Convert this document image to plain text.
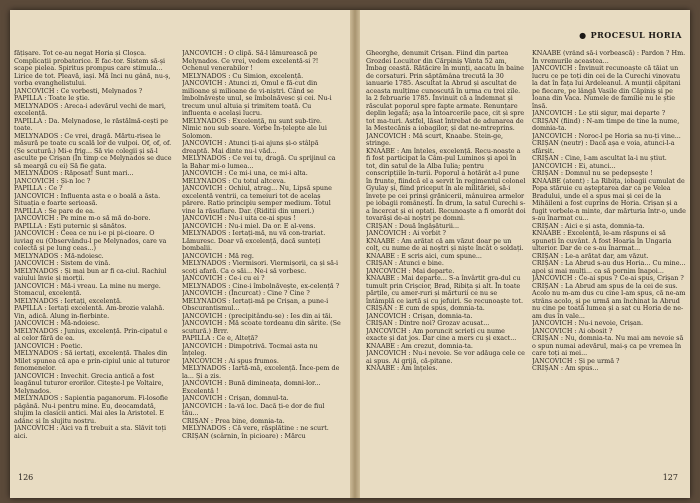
fățișare. Tot ce-au negat Horia și Cloșca. Complicații probatorice. E fac-tor. Sistem să-și scape pielea. Spiritus prompus care stimula...

Lirice de tot. Pleavă, iași. Mă înci nu gână, nu-ș, vorba evanghelistului.

JANCOVICH : Ce vorbesti, Melynados ?

PAPILLA : Toate le știe.

MELYNADOS : Areca-i adevărul vechi de mari, excelență.

PAPILLA : Da. Melynadose, le răstălmă-cești pe toate.

MELYNADOS : Ce vrei, dragă. Mărtu-risea le măsură pe toate cu scală lor de vulpoi. Of, of, of. (Se scutură.) Mi-e frig... Să vie colegii și să-l asculte pe Crișan (În timp ce Melynados se duce să meargă cu ei) Să fie gata.

MELYNADOS : Răposat! Sunt mari...

JANCOVICH : Și-n loc ?

PAPILLA : Ce ?

JANCOVICH : Influenta asta e o boală a ăsta. Situația e foarte serioasă.

PAPILLA : Se pare de ea.

JANCOVICH : Pe mine m-o să mă do-bore.

PAPILLA : Ești puternic și sănătos.

JANCOVICH : Ceea ce nu i-e pi pi-cioare. O iuviag eu (Observându-l pe Melynados, care va colectă și pe lung ceas...)

MELYNADOS : Mă-ndoiesc.

JANCOVICH : Sistem de vină.

MELYNADOS : Și mai bun ar fi ca-ciul. Rachiul vaiului învie și morții.

JANCOVICH : Mă-i vreau. La mine nu merge. Stomacul, excelență.

MELYNADOS : Iertați, excelență.

PAPILLA : Iertați excelentă. Am-brozie valahă. Vin, adică. Alung in-fierbinte.

JANCOVICH : Mă-ndoiesc.

MELYNADOS : Junius, excelență. Prin-cipatul e al celor fără de ea.

JANCOVICH : Poetic.

MELYNADOS : Să iertați, excelență. Thales din Milet spunea că apa e prin-cipiul unic al tuturor fenomenelor.

JANCOVICH : Invechit. Grecia antică a fost leagănul tuturor erorilor. Citește-l pe Voltaire, Melynados.

MELYNADOS : Sapientia paganorum. Fi-losofie păgână. Nu-i pentru mine. Eu, deocamdată, slujim la clasicii antici. Mai ales la Aristotel. E adânc și în slujitu nostru.

JANCOVICH : Aici va fi trebuit a sta. Slăvit toți aici.

JANCOVICH : O clipă. Să-l lămurească pe Melynados. Ce vrei, vedem excelentă-si ?! Ochenul venerabilor !

MELYNADOS : Cu Simion, excelență.

JANCOVICH : Atunci zi, Omul e fă-cut din milioane și milioane de vi-niștri. Când se îmbolnăvește unul, se îmbolnăvesc și cei. Nu-i trecum unul altuia și trimitem toată. Cu influenta e același lucru.

MELYNADOS : Excelență, nu sunt sub-tire. Nimic nou sub soare. Vorbe În-țelepte ale lui Solomon.

JANCOVICH : Atunci ți-ai ajuns și-o stâlpă dreaptă. Mai dinte nu-i văd...

MELYNADOS : Ce vei tu, dragă. Cu sprijinul ca la Bahar mi-o lumea...

JANCOVICH : Ce mi-i una, ce mi-i alta.

MELYNADOS : Cu totul altceva.

JANCOVICH : Ochiul, atrag... Nu, Lipsă spune excelentă ventrii, ca temeiuri tot de acelaș părere. Ratio principiu semper medium. Totul vine la răsuflare. Dar. (Riditii din umeri.)

JANCOVICH : Nu-i uita ce-ai spus !

JANCOVICH : Nu-i miel. Da or. E al-vens.

MELYNADOS : Iertați-mă, nu vă con-trariat. Lămuresc. Doar vă excelență, dacă sunteți bombalii.

JANCOVICH : Mă reg.

MELYNADOS : Viermisori. Viermișorii, ca și să-i scoți afară. Ca o săi... Ne-i să vorbesc.

JANCOVICH : Ce-i cu ei ?

MELYNADOS : Cine-i îmbolnăvește, ex-celență ?

JANCOVICH : (Încurcat) : Cine ? Cine ?

MELYNADOS : Iertați-mă pe Crișan, a pune-i Obscurantismul...

JANCOVICH : (precipitându-se) : Ies din ai tăi.

JANCOVICH : Mă scoate tordeanu din sârite. (Se scutură.) Brrr.

PAPILLA : Ce e, Alteță?

JANCOVICH : Dimpotrivă. Tocmai asta nu înțeleg.

JANCOVICH : Ai spus frumos.

MELYNADOS : Iartă-mă, excelență. Înce-pem de la... Și a zis.

JANCOVICH : Bună dimineața, domni-lor... Excelentă !

JANCOVICH : Crișan, domnul-ta.

JANCOVICH : Ia-vă loc. Dacă ți-e dor de fiul tău...

CRIȘAN : Prea bine, domnia-ta.

MELYNADOS : Că vere, răsplătine : ne scurt.

CRIȘAN (scârnin, în picioare) : Mărcu

126
● PROCESUL HORIA

Gheorghe, denumit Crișan. Fiind din partea Grozdei Locuitor din Cărpiniș Vânta 52 am, Îmbag ceastă. Rătăcire în munți, aacatu în baine de corsaturi. Prin săptămâna trecută la 30 ianuarie 1785. Ascultat la Abrud și ascultat de aceasta mulțime cunoscută în urma cu trei zile. la 2 februarie 1785. Învinuit că a îndemnat și răsculat poporul spre fapte armate. Renunțare deplin legată; așa la întoarcerile pace, cit și spre tot ma-turi. Astfel, lăsat întrebat de adunarea de la Mestecănis a iobagilor, și dat ne-mtreprins.

JANCOVICH : Mă scurt, Knaabe. Stein-ge, stringe.

KNAABE : Am înțeles, excelență. Recu-noaște a fi fost participat la Câm-pul Luminos și apoi în tot, din satul de la Alba Iulia; pentru conscripțiile în-turii. Poporul a hotărât a-l pune în frunte, fiindcă el a servit în regimentul colonel Gyulay și, fiind priceput în ale milităriei, să-i învețe pe cei prinși grănicerii, mânuirea armelor pe iobagii românești. În drum, la satul Curechi s-a încercat și ei optați. Recunoaște a fi omorât doi tovarăși de-ai noștri pe domni.

CRIȘAN : Două îngășăturii...

JANCOVICH : Ai vorbit ?

KNAABE : Am arătat că am văzut doar pe un colț, cu nume de ai noștri și niște încât o soldați.

KNAABE : E scris aici, cum spune...

CRIȘAN : Atunci e bine.

JANCOVICH : Mai departe.

KNAABE : Mai departe... S-a învârtit gra-dul cu tumult prin Crișcior, Brad, Ribița și alt. În toate părțile, cu amer-ruri și mărturii ce nu se întâmplă ce iartă și cu jefuiri. Se recunoaște tot.

CRIȘAN : E cum de spus, domnia-ta.

JANCOVICH : Crișan, domnia-ta.

CRIȘAN : Dintre noi? Grozav acusat...

JANCOVICH : Am poruncit scrieți cu nume exacte și dat jos. Dar cine a mers cu și exact...

KNAABE : Am crezut, domnia-ta.

JANCOVICH : Nu-i nevoie. Se vor adăuga cele ce ai spus. Ai grijă, că-pitane.

KNAABE : Am înțeles.

KNAABE (vrând să-i vorbească) : Pardon ? Hm. În vremurile aceastea...

JANCOVICH : Învinuit recunoaște că tăiat un lucru ce pe toți din cei de la Curechi vinovatu la dat în fața lui Ardeleanul. A munții căpitani pe fiecare, pe lângă Vasile din Căpiniș și pe Ioana din Vaca. Numele de familie nu le știe însă.

JANCOVICH : Le știi sigur, mai departe ?

CRIȘAN (fiind) : N-am timpe de tine la nume, domnia-ta.

JANCOVICH : Noroc-l pe Horia sa nu-ți vine...

CRIȘAN (neutr) : Dacă așa e voia, atunci-l-a sfârșit.

CRIȘAN : Cine, l-am ascultat la-i nu știut.

JANCOVICH : Ei, atunci...

CRIȘAN : Domnul nu se pedepsește !

KNAABE (atent) : La Ribița, iobagii cumulat de Popa stăruie cu așteptarea dar ca pe Velea Bradului, unde el a spus mai și cei de la Mihăileni a fost cuprins de Horia. Crișan și a fugit vorbele-n minte, dar mărturia într-o, unde s-au înarmat cu...

CRIȘAN : Aici e și asta, domnia-ta.

KNAABE : Excelență, le-am răspuns ei să spuneți în cuvânt. A fost Hoaria în Ungaria ulterior. Dar de ce s-au înarmat...

CRIȘAN : Le-a arătat dar, am văzut.

CRIȘAN : La Abrud s-au dus Horia... Cu mine... apoi și mai mulți... ca să pornim înapoi...

JANCOVICH : Ce-ai spus ? Ce-ai spus, Crișan ?

CRIȘAN : La Abrud am spus de la cei de sus. Acolo nu m-am dus cu cine l-am spus, că ne-am strâns acolo, și pe urmă am închinat la Abrud nu cine pe toată lumea și a sat cu Horia de ne-am dus în vale...

JANCOVICH : Nu-i nevoie, Crișan.

JANCOVICH : Ai obosit ?

CRIȘAN : Nu, domnia-ta. Nu mai am nevoie să o spun numai adevărul, mai-ș ca pe vremea în care toți ai mei...

JANCOVICH : Și pe urmă ?

CRIȘAN : Am spus...

127
